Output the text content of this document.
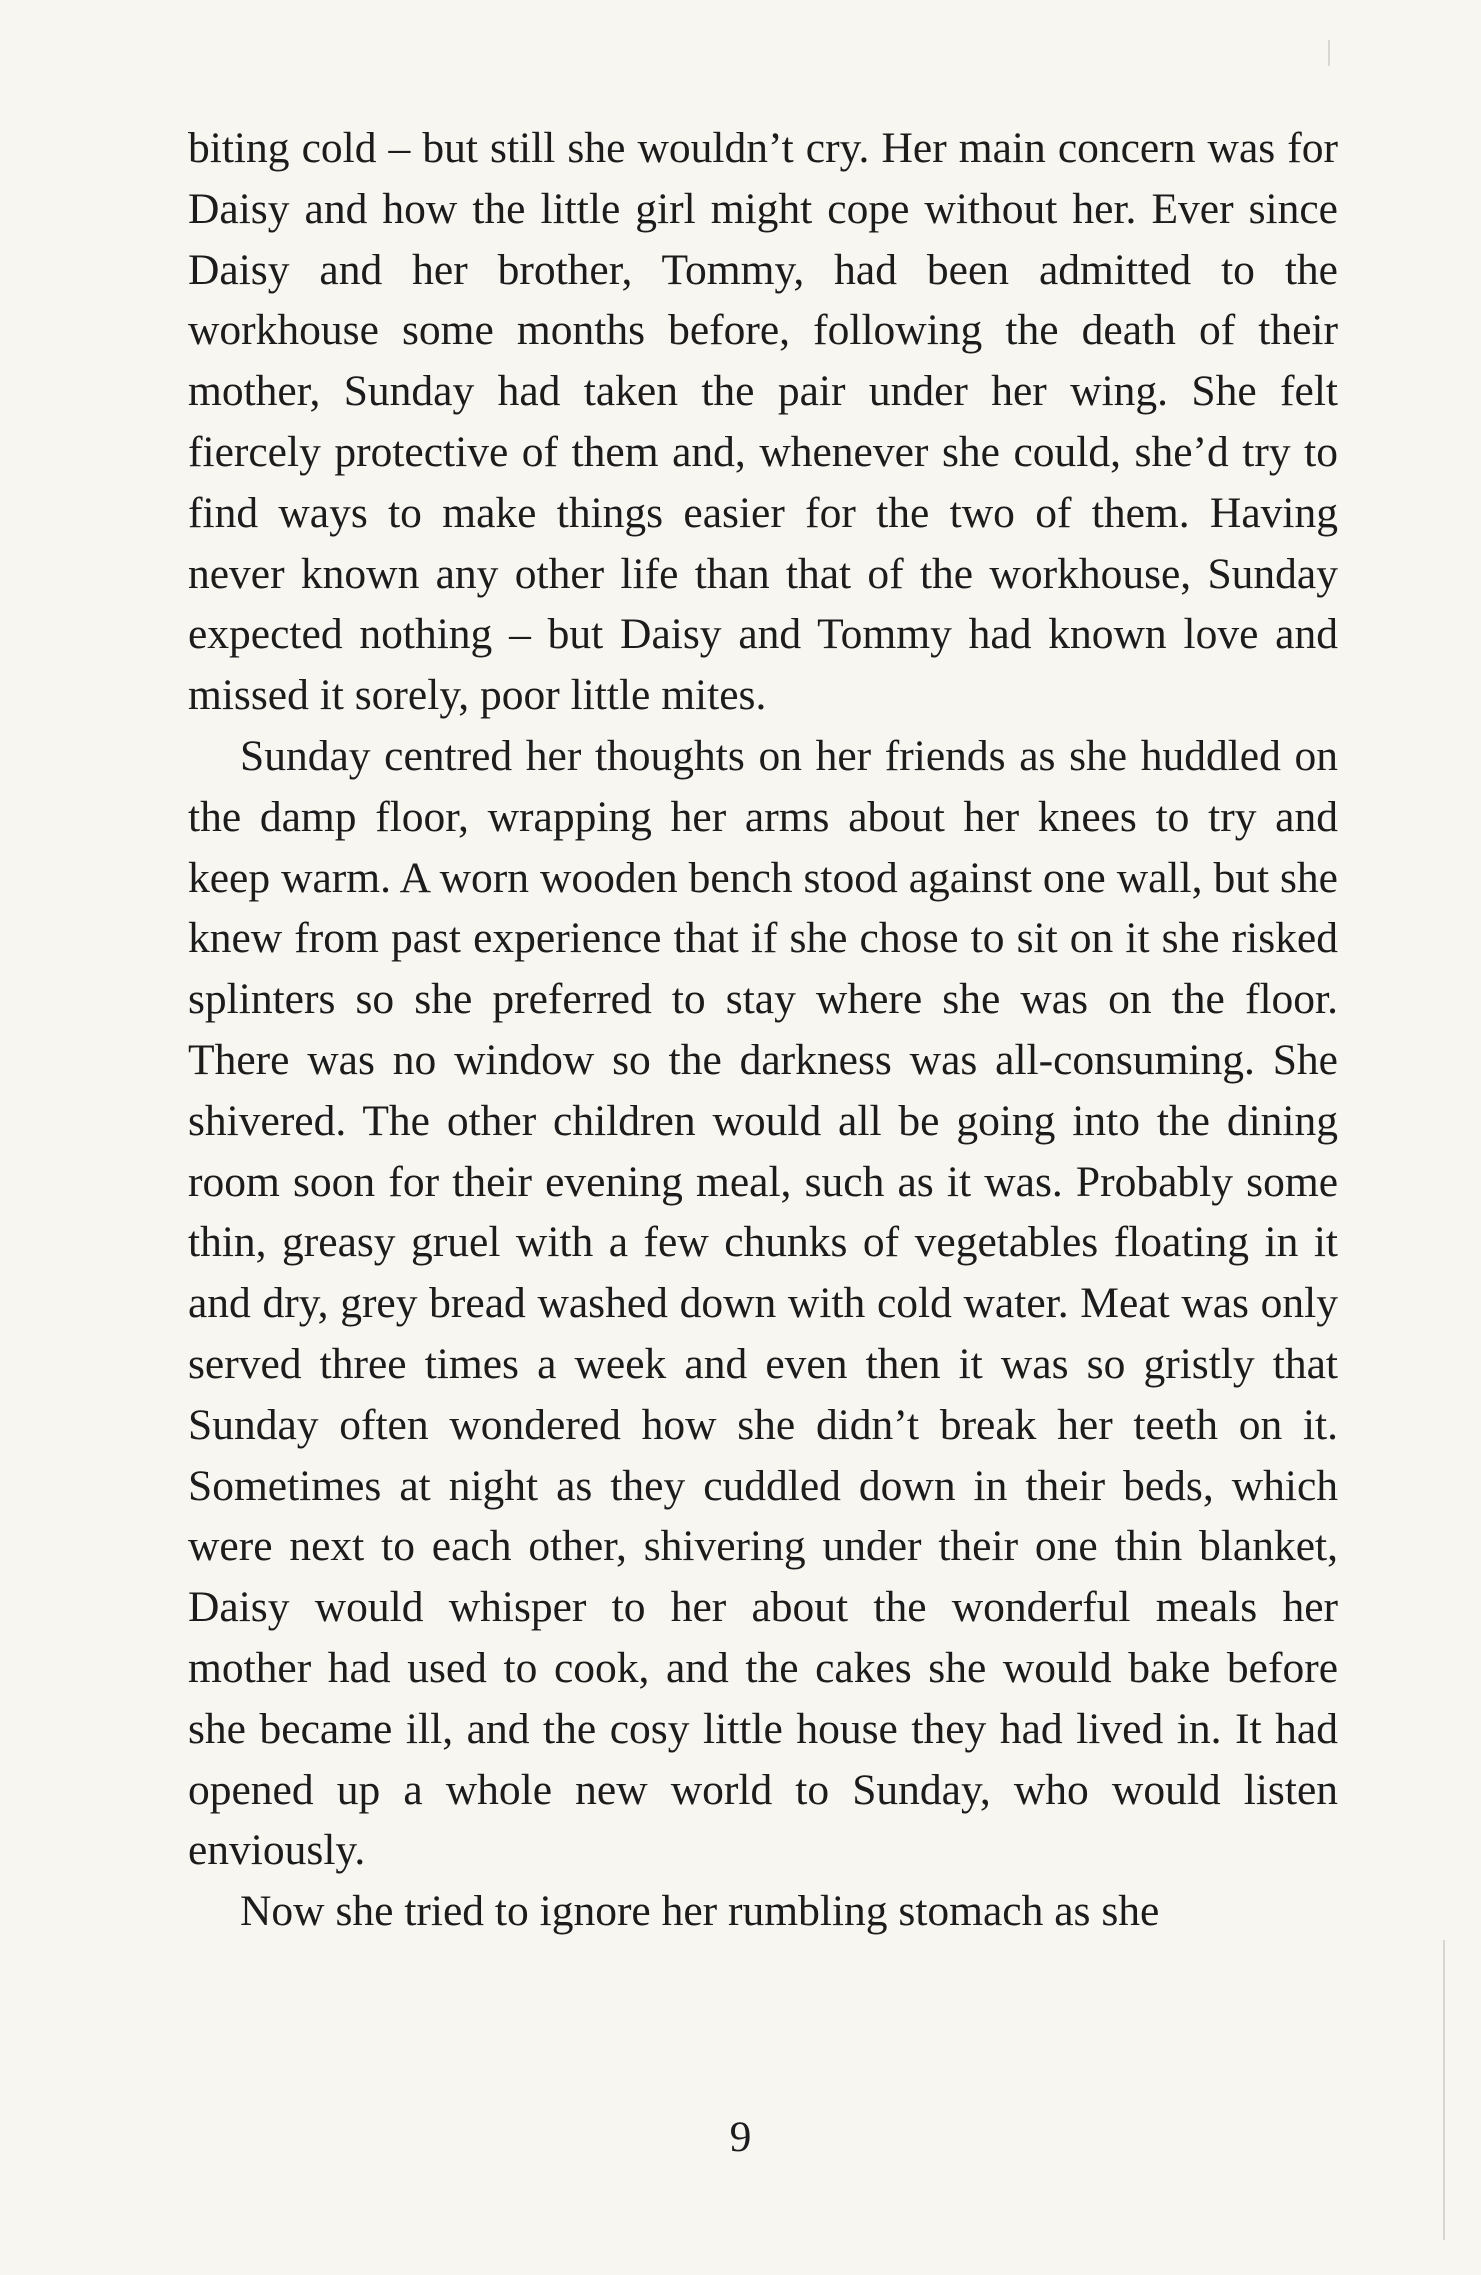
biting cold – but still she wouldn’t cry. Her main concern was for Daisy and how the little girl might cope without her. Ever since Daisy and her brother, Tommy, had been admitted to the workhouse some months before, following the death of their mother, Sunday had taken the pair under her wing. She felt fiercely protective of them and, whenever she could, she’d try to find ways to make things easier for the two of them. Having never known any other life than that of the workhouse, Sunday expected nothing – but Daisy and Tommy had known love and missed it sorely, poor little mites.

Sunday centred her thoughts on her friends as she huddled on the damp floor, wrapping her arms about her knees to try and keep warm. A worn wooden bench stood against one wall, but she knew from past experience that if she chose to sit on it she risked splinters so she preferred to stay where she was on the floor. There was no window so the darkness was all-consuming. She shivered. The other children would all be going into the dining room soon for their evening meal, such as it was. Probably some thin, greasy gruel with a few chunks of vegetables floating in it and dry, grey bread washed down with cold water. Meat was only served three times a week and even then it was so gristly that Sunday often wondered how she didn’t break her teeth on it. Sometimes at night as they cuddled down in their beds, which were next to each other, shivering under their one thin blanket, Daisy would whisper to her about the wonderful meals her mother had used to cook, and the cakes she would bake before she became ill, and the cosy little house they had lived in. It had opened up a whole new world to Sunday, who would listen enviously.

Now she tried to ignore her rumbling stomach as she

9
